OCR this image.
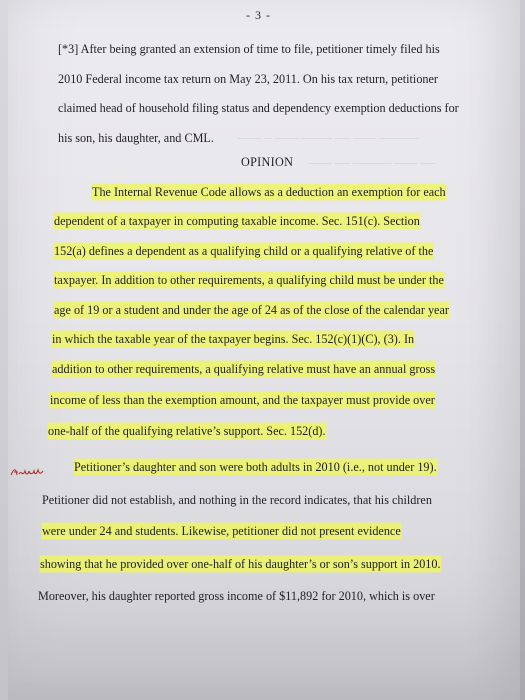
- 3 -
─── ─ ─── ──── ── ─── ─────
─── ── ───── ─── ──
[*3] After being granted an extension of time to file, petitioner timely filed his
2010 Federal income tax return on May 23, 2011. On his tax return, petitioner
claimed head of household filing status and dependency exemption deductions for
his son, his daughter, and CML.
OPINION
The Internal Revenue Code allows as a deduction an exemption for each
dependent of a taxpayer in computing taxable income. Sec. 151(c). Section
152(a) defines a dependent as a qualifying child or a qualifying relative of the
taxpayer. In addition to other requirements, a qualifying child must be under the
age of 19 or a student and under the age of 24 as of the close of the calendar year
in which the taxable year of the taxpayer begins. Sec. 152(c)(1)(C), (3). In
addition to other requirements, a qualifying relative must have an annual gross
income of less than the exemption amount, and the taxpayer must provide over
one-half of the qualifying relative’s support. Sec. 152(d).
Petitioner’s daughter and son were both adults in 2010 (i.e., not under 19).
Petitioner did not establish, and nothing in the record indicates, that his children
were under 24 and students. Likewise, petitioner did not present evidence
showing that he provided over one-half of his daughter’s or son’s support in 2010.
Moreover, his daughter reported gross income of $11,892 for 2010, which is over
